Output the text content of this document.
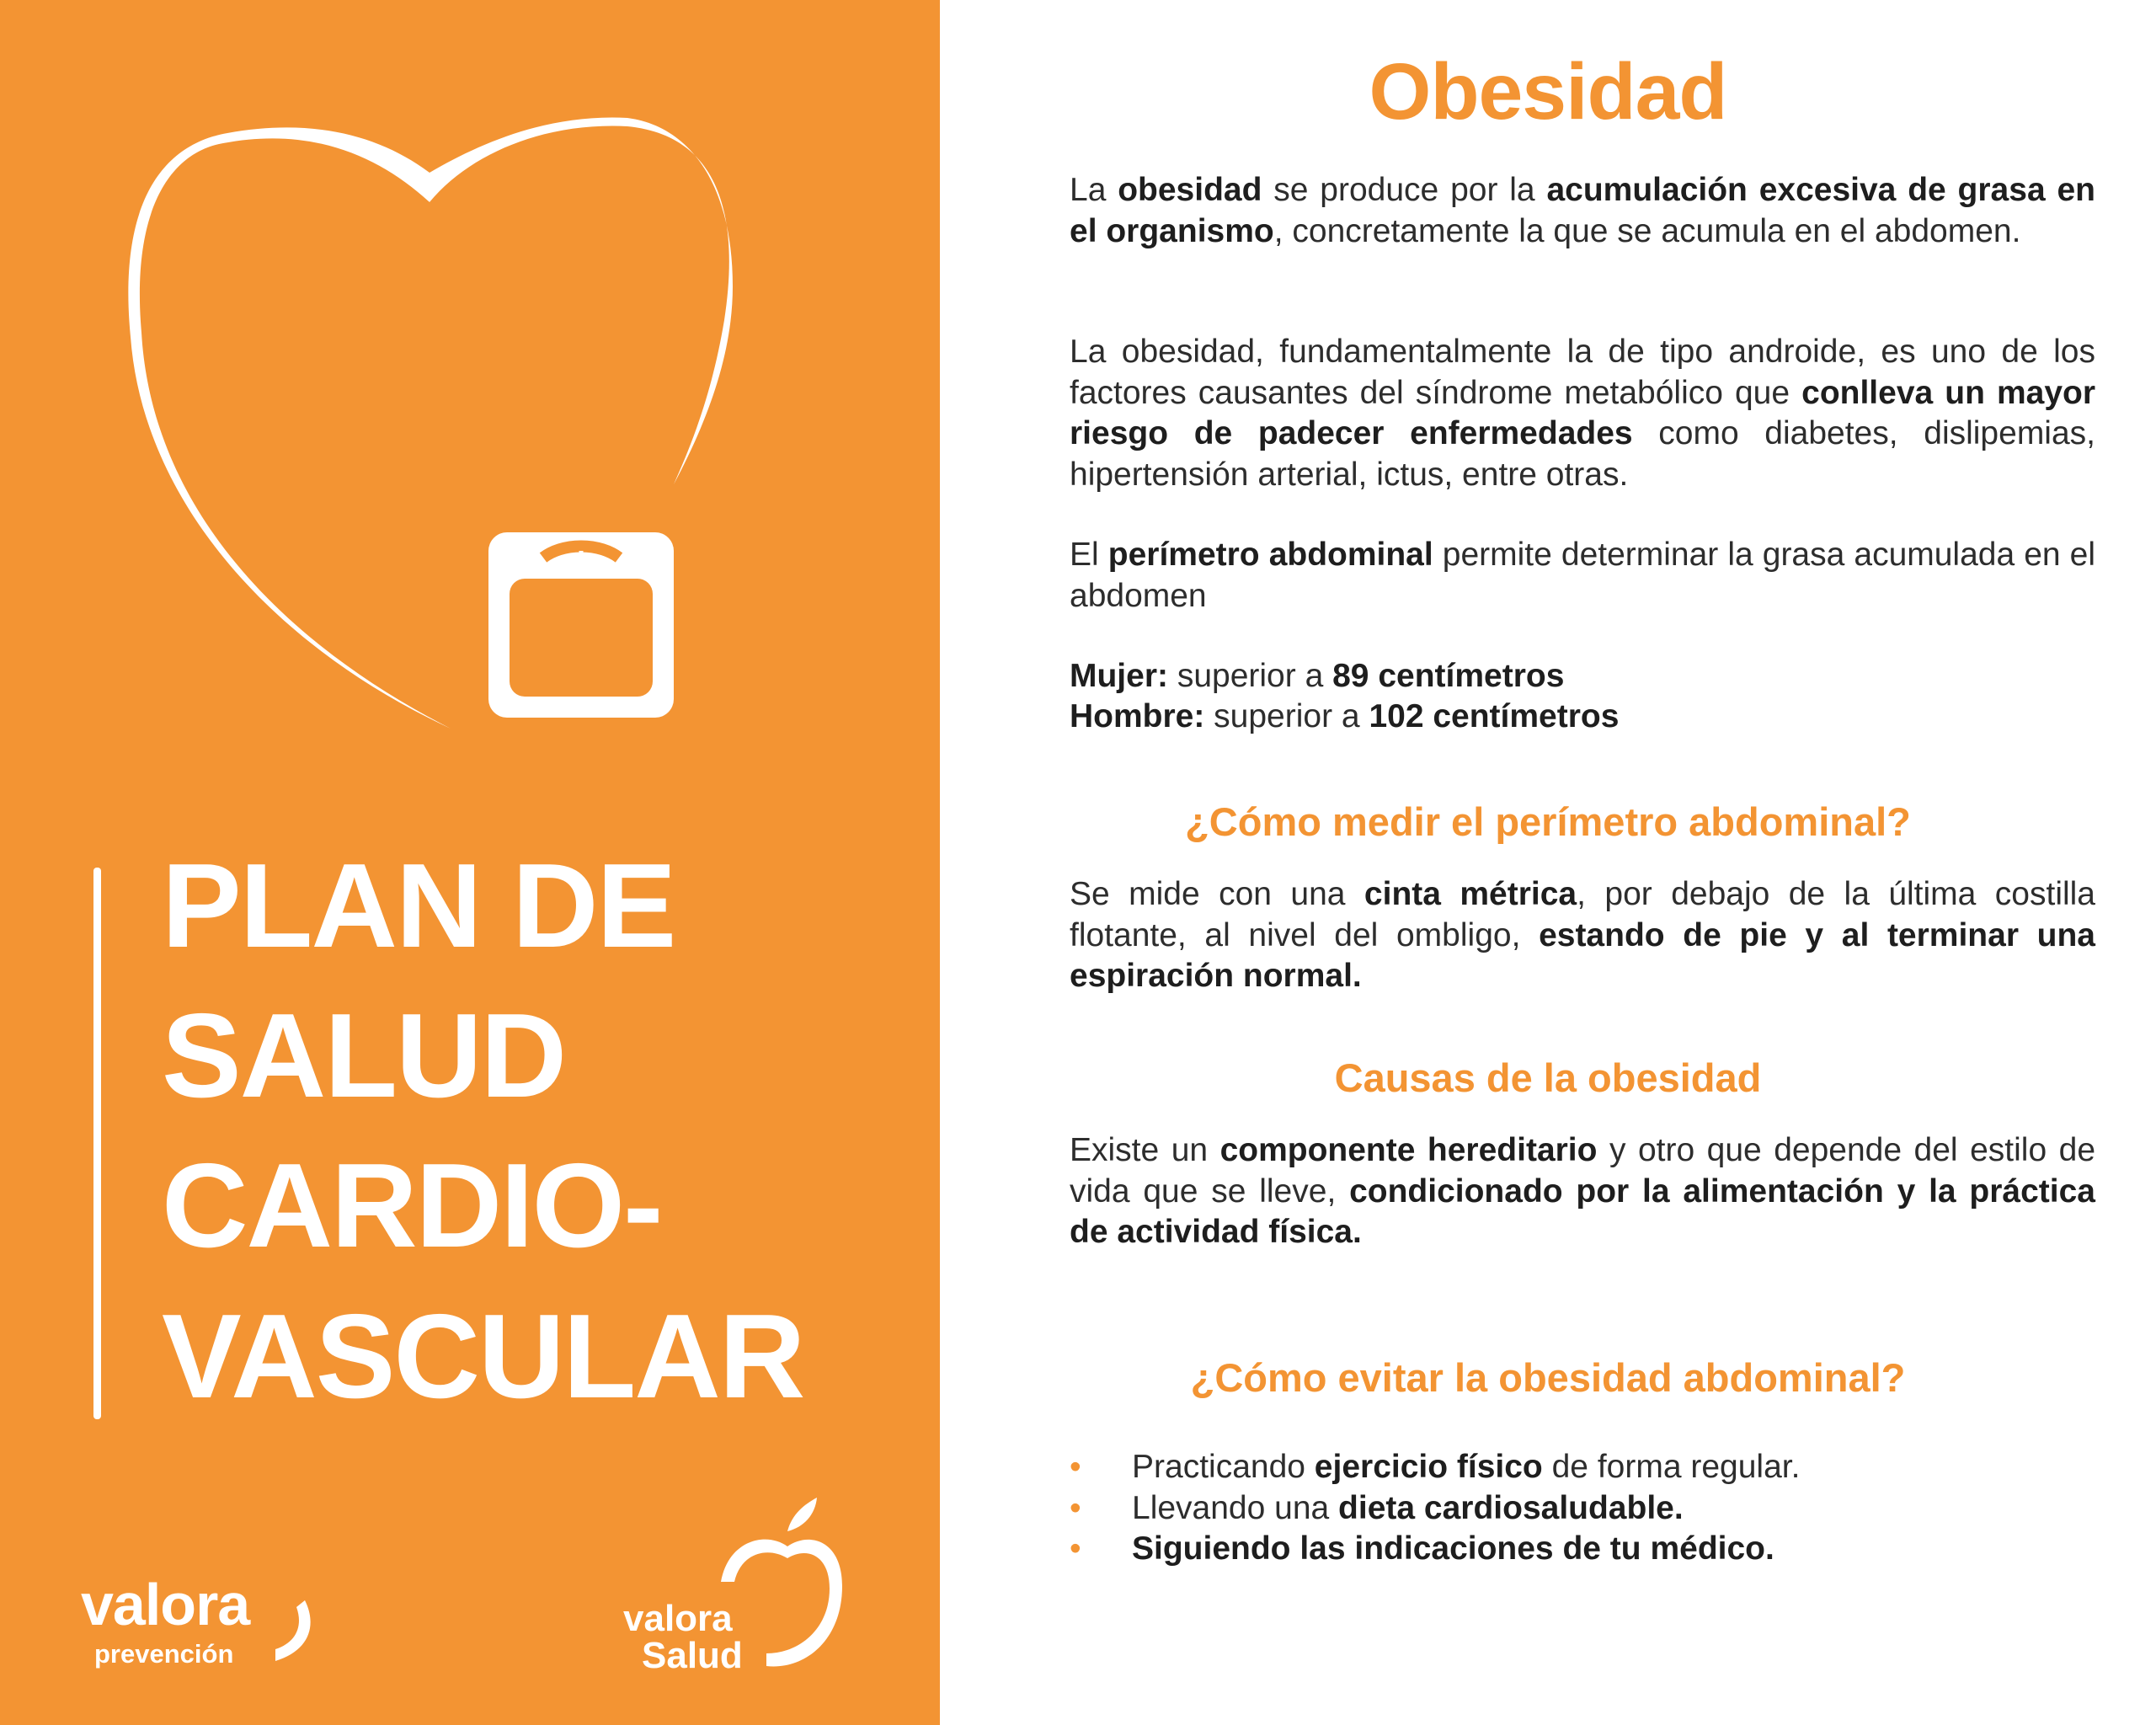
PLAN DE
SALUD
CARDIO-
VASCULAR
valora
prevención
valora
Salud
Obesidad

La obesidad se produce por la acumulación excesiva de grasa en el organismo, concretamente la que se acumula en el abdomen.

La obesidad, fundamentalmente la de tipo androide, es uno de los factores causantes del síndrome metabólico que conlleva un mayor riesgo de padecer enfermedades como diabetes, dislipemias, hipertensión arterial, ictus, entre otras.

El perímetro abdominal permite determinar la grasa acumulada en el abdomen

Mujer: superior a 89 centímetros

Hombre: superior a 102 centímetros

¿Cómo medir el perímetro abdominal?

Se mide con una cinta métrica, por debajo de la última costilla flotante, al nivel del ombligo, estando de pie y al terminar una espiración normal.

Causas de la obesidad

Existe un componente hereditario y otro que depende del estilo de vida que se lleve, condicionado por la alimentación y la práctica de actividad física.

¿Cómo evitar la obesidad abdominal?
• Practicando ejercicio físico de forma regular.
• Llevando una dieta cardiosaludable.
• Siguiendo las indicaciones de tu médico.
